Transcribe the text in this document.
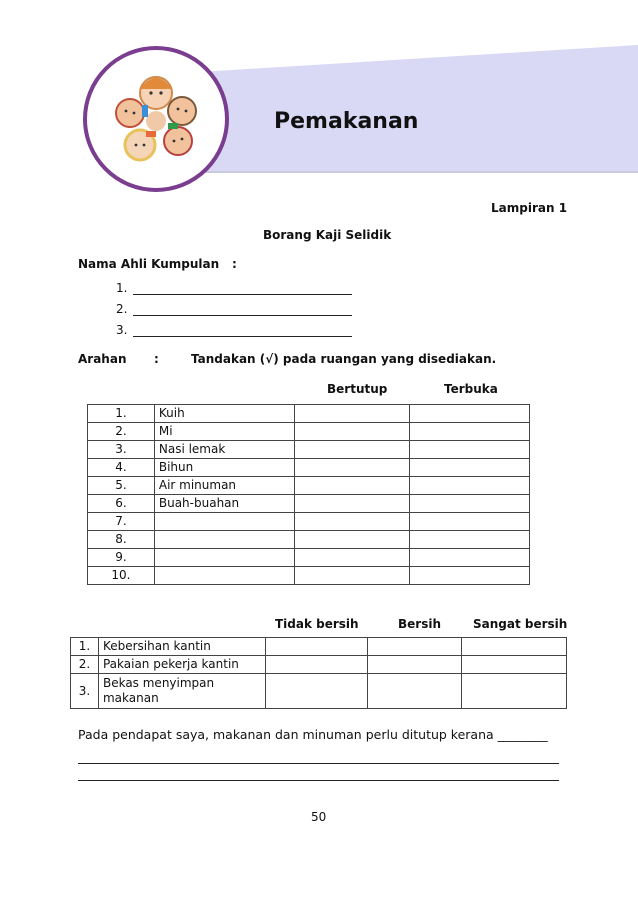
Pemakanan
Lampiran 1
Borang Kaji Selidik
Nama Ahli Kumpulan :
1.
2.
3.
Arahan :	Tandakan (√) pada ruangan yang disediakan.
Bertutup	Terbuka
1.	Kuih		
2.	Mi		
3.	Nasi lemak		
4.	Bihun		
5.	Air minuman		
6.	Buah-buahan		
7.			
8.			
9.			
10.			
Tidak bersih	Bersih	Sangat bersih
1.	Kebersihan kantin			
2.	Pakaian pekerja kantin			
3.	Bekas menyimpan
makanan			

Pada pendapat saya, makanan dan minuman perlu ditutup kerana ________
50
